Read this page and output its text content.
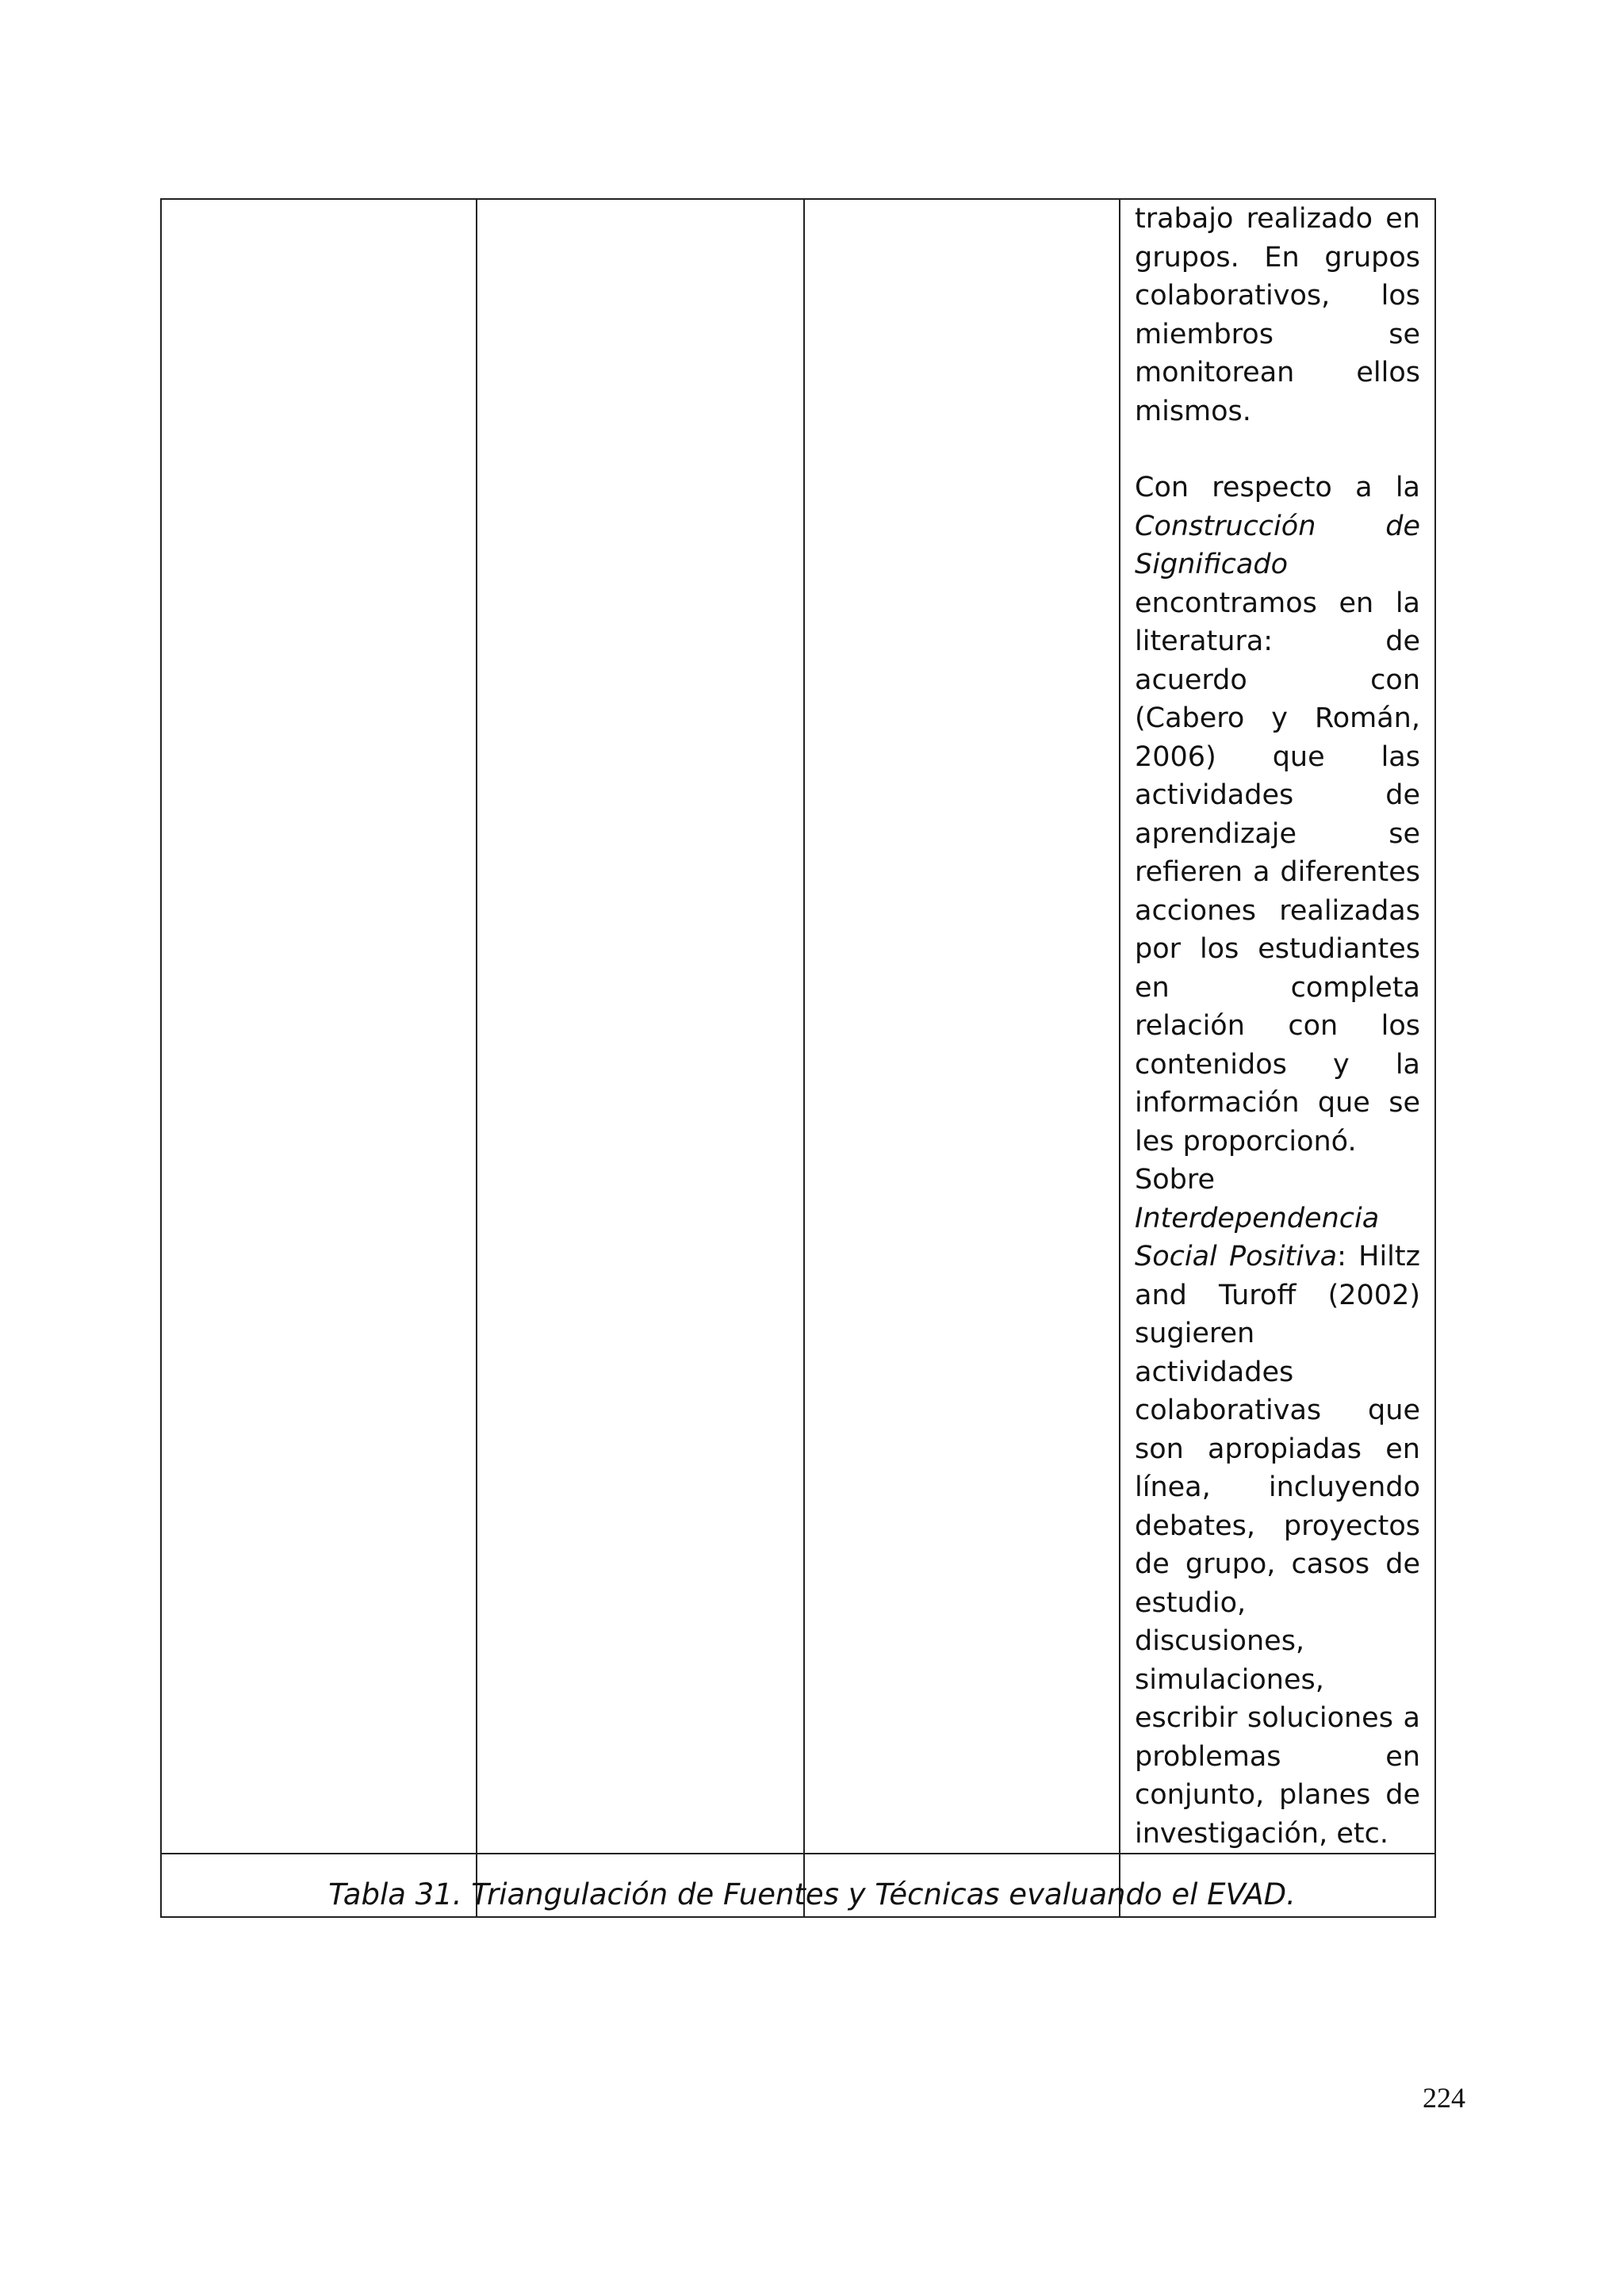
			trabajo realizado en grupos. En grupos colaborativos, los miembros se monitorean ellos mismos.

Con respecto a la Construcción de Significado encontramos en la literatura: de acuerdo con (Cabero y Román, 2006) que las actividades de aprendizaje se refieren a diferentes acciones realizadas por los estudiantes en completa relación con los contenidos y la información que se les proporcionó.

Sobre Interdependencia Social Positiva: Hiltz and Turoff (2002) sugieren actividades colaborativas que son apropiadas en línea, incluyendo debates, proyectos de grupo, casos de estudio, discusiones, simulaciones, escribir soluciones a problemas en conjunto, planes de investigación, etc.

Tabla 31. Triangulación de Fuentes y Técnicas evaluando el EVAD.
224
